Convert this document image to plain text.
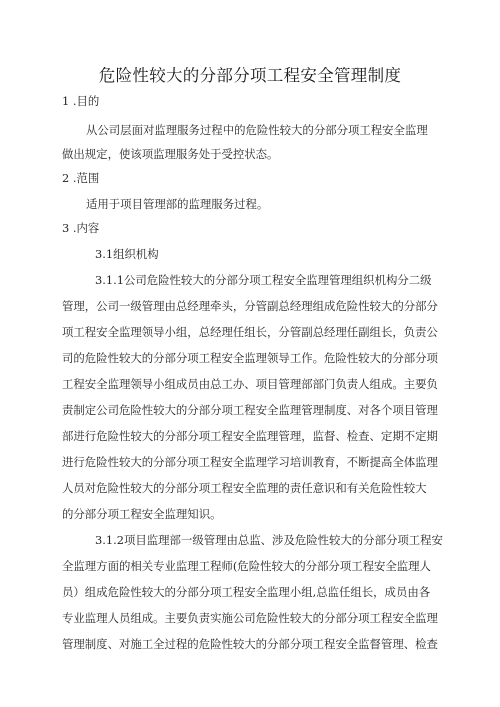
危险性较大的分部分项工程安全管理制度
1 .目的
从公司层面对监理服务过程中的危险性较大的分部分项工程安全监理
做出规定，使该项监理服务处于受控状态。
2 .范围
适用于项目管理部的监理服务过程。
3 .内容
3.1组织机构
3.1.1公司危险性较大的分部分项工程安全监理管理组织机构分二级
管理，公司一级管理由总经理牵头，分管副总经理组成危险性较大的分部分
项工程安全监理领导小组，总经理任组长，分管副总经理任副组长，负责公
司的危险性较大的分部分项工程安全监理领导工作。危险性较大的分部分项
工程安全监理领导小组成员由总工办、项目管理部部门负责人组成。主要负
责制定公司危险性较大的分部分项工程安全监理管理制度、对各个项目管理
部进行危险性较大的分部分项工程安全监理管理，监督、检查、定期不定期
进行危险性较大的分部分项工程安全监理学习培训教育，不断提高全体监理
人员对危险性较大的分部分项工程安全监理的责任意识和有关危险性较大
的分部分项工程安全监理知识。
3.1.2项目监理部一级管理由总监、涉及危险性较大的分部分项工程安
全监理方面的相关专业监理工程师(危险性较大的分部分项工程安全监理人
员）组成危险性较大的分部分项工程安全监理小组,总监任组长，成员由各
专业监理人员组成。主要负责实施公司危险性较大的分部分项工程安全监理
管理制度、对施工全过程的危险性较大的分部分项工程安全监督管理、检查
